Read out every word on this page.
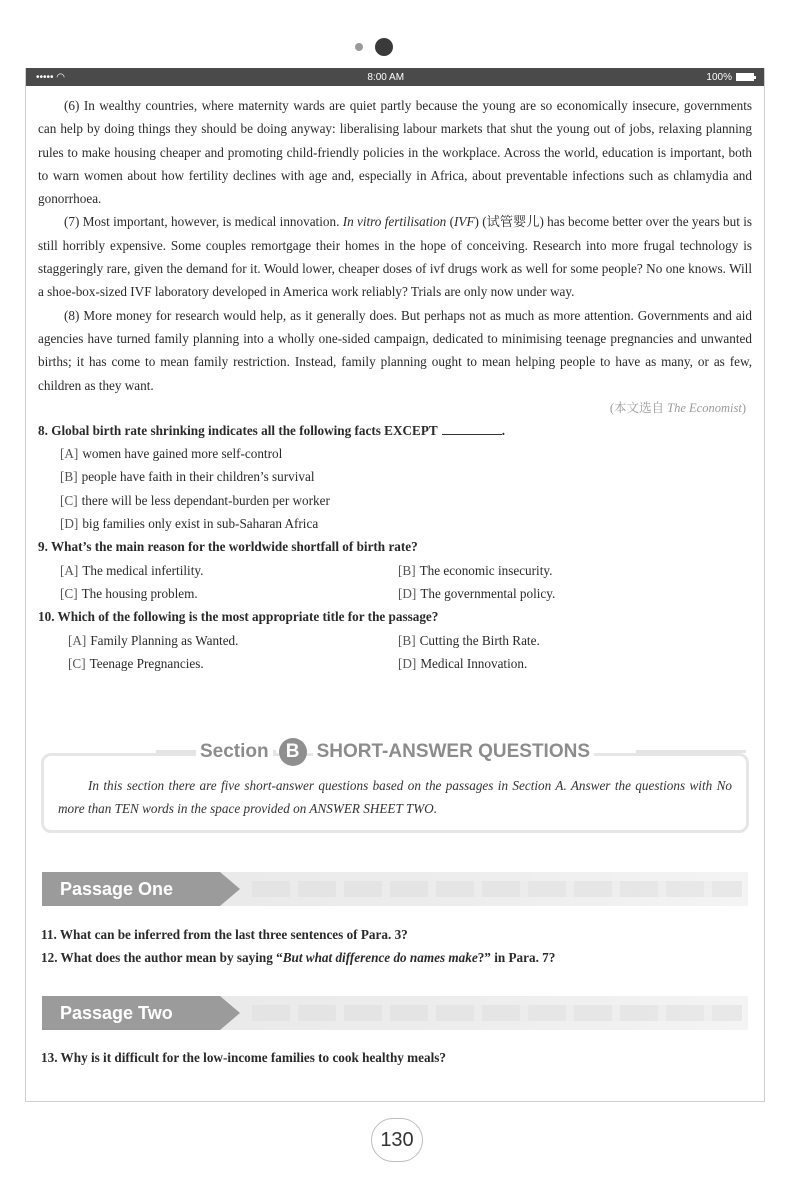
••••• ◠	8:00 AM	100%

(6) In wealthy countries, where maternity wards are quiet partly because the young are so economically insecure, governments can help by doing things they should be doing anyway: liberalising labour markets that shut the young out of jobs, relaxing planning rules to make housing cheaper and promoting child-friendly policies in the workplace. Across the world, education is important, both to warn women about how fertility declines with age and, especially in Africa, about preventable infections such as chlamydia and gonorrhoea.

(7) Most important, however, is medical innovation. In vitro fertilisation (IVF) (试管婴儿) has become better over the years but is still horribly expensive. Some couples remortgage their homes in the hope of conceiving. Research into more frugal technology is staggeringly rare, given the demand for it. Would lower, cheaper doses of ivf drugs work as well for some people? No one knows. Will a shoe-box-sized IVF laboratory developed in America work reliably? Trials are only now under way.

(8) More money for research would help, as it generally does. But perhaps not as much as more attention. Governments and aid agencies have turned family planning into a wholly one-sided campaign, dedicated to minimising teenage pregnancies and unwanted births; it has come to mean family restriction. Instead, family planning ought to mean helping people to have as many, or as few, children as they want.

(本文选自 The Economist)

8. Global birth rate shrinking indicates all the following facts EXCEPT	.

[A] women have gained more self-control
[B] people have faith in their children’s survival
[C] there will be less dependant-burden per worker
[D] big families only exist in sub-Saharan Africa

9. What’s the main reason for the worldwide shortfall of birth rate?

[A] The medical infertility.	[B] The economic insecurity.
[C] The housing problem.	[D] The governmental policy.

10. Which of the following is the most appropriate title for the passage?

[A] Family Planning as Wanted.	[B] Cutting the Birth Rate.
[C] Teenage Pregnancies.	[D] Medical Innovation.
In this section there are five short-answer questions based on the passages in Section A. Answer the questions with No more than TEN words in the space provided on ANSWER SHEET TWO.
Section B SHORT-ANSWER QUESTIONS
Passage One
11. What can be inferred from the last three sentences of Para. 3?
12. What does the author mean by saying “But what difference do names make?” in Para. 7?
Passage Two
13. Why is it difficult for the low-income families to cook healthy meals?
130
